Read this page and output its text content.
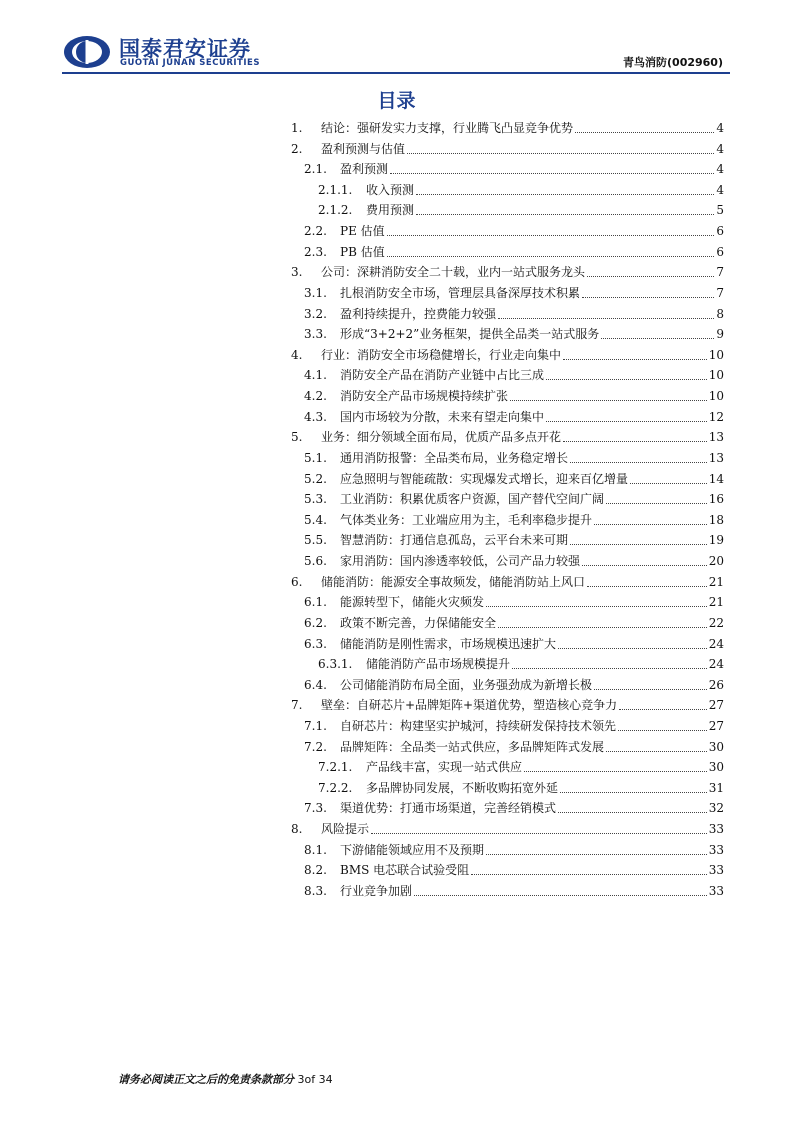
国泰君安证券
GUOTAI JUNAN SECURITIES	青鸟消防(002960)
目录
1.	结论：强研发实力支撑，行业腾飞凸显竞争优势	4
2.	盈利预测与估值	4
2.1.	盈利预测	4
2.1.1.	收入预测	4
2.1.2.	费用预测	5
2.2.	PE 估值	6
2.3.	PB 估值	6
3.	公司：深耕消防安全二十载，业内一站式服务龙头	7
3.1.	扎根消防安全市场，管理层具备深厚技术积累	7
3.2.	盈利持续提升，控费能力较强	8
3.3.	形成“3+2+2”业务框架，提供全品类一站式服务	9
4.	行业：消防安全市场稳健增长，行业走向集中	10
4.1.	消防安全产品在消防产业链中占比三成	10
4.2.	消防安全产品市场规模持续扩张	10
4.3.	国内市场较为分散，未来有望走向集中	12
5.	业务：细分领域全面布局，优质产品多点开花	13
5.1.	通用消防报警：全品类布局，业务稳定增长	13
5.2.	应急照明与智能疏散：实现爆发式增长，迎来百亿增量	14
5.3.	工业消防：积累优质客户资源，国产替代空间广阔	16
5.4.	气体类业务：工业端应用为主，毛利率稳步提升	18
5.5.	智慧消防：打通信息孤岛，云平台未来可期	19
5.6.	家用消防：国内渗透率较低，公司产品力较强	20
6.	储能消防：能源安全事故频发，储能消防站上风口	21
6.1.	能源转型下，储能火灾频发	21
6.2.	政策不断完善，力保储能安全	22
6.3.	储能消防是刚性需求，市场规模迅速扩大	24
6.3.1.	储能消防产品市场规模提升	24
6.4.	公司储能消防布局全面，业务强劲成为新增长极	26
7.	壁垒：自研芯片+品牌矩阵+渠道优势，塑造核心竞争力	27
7.1.	自研芯片：构建坚实护城河，持续研发保持技术领先	27
7.2.	品牌矩阵：全品类一站式供应，多品牌矩阵式发展	30
7.2.1.	产品线丰富，实现一站式供应	30
7.2.2.	多品牌协同发展，不断收购拓宽外延	31
7.3.	渠道优势：打通市场渠道，完善经销模式	32
8.	风险提示	33
8.1.	下游储能领域应用不及预期	33
8.2.	BMS 电芯联合试验受阻	33
8.3.	行业竞争加剧	33
请务必阅读正文之后的免责条款部分 3of 34
